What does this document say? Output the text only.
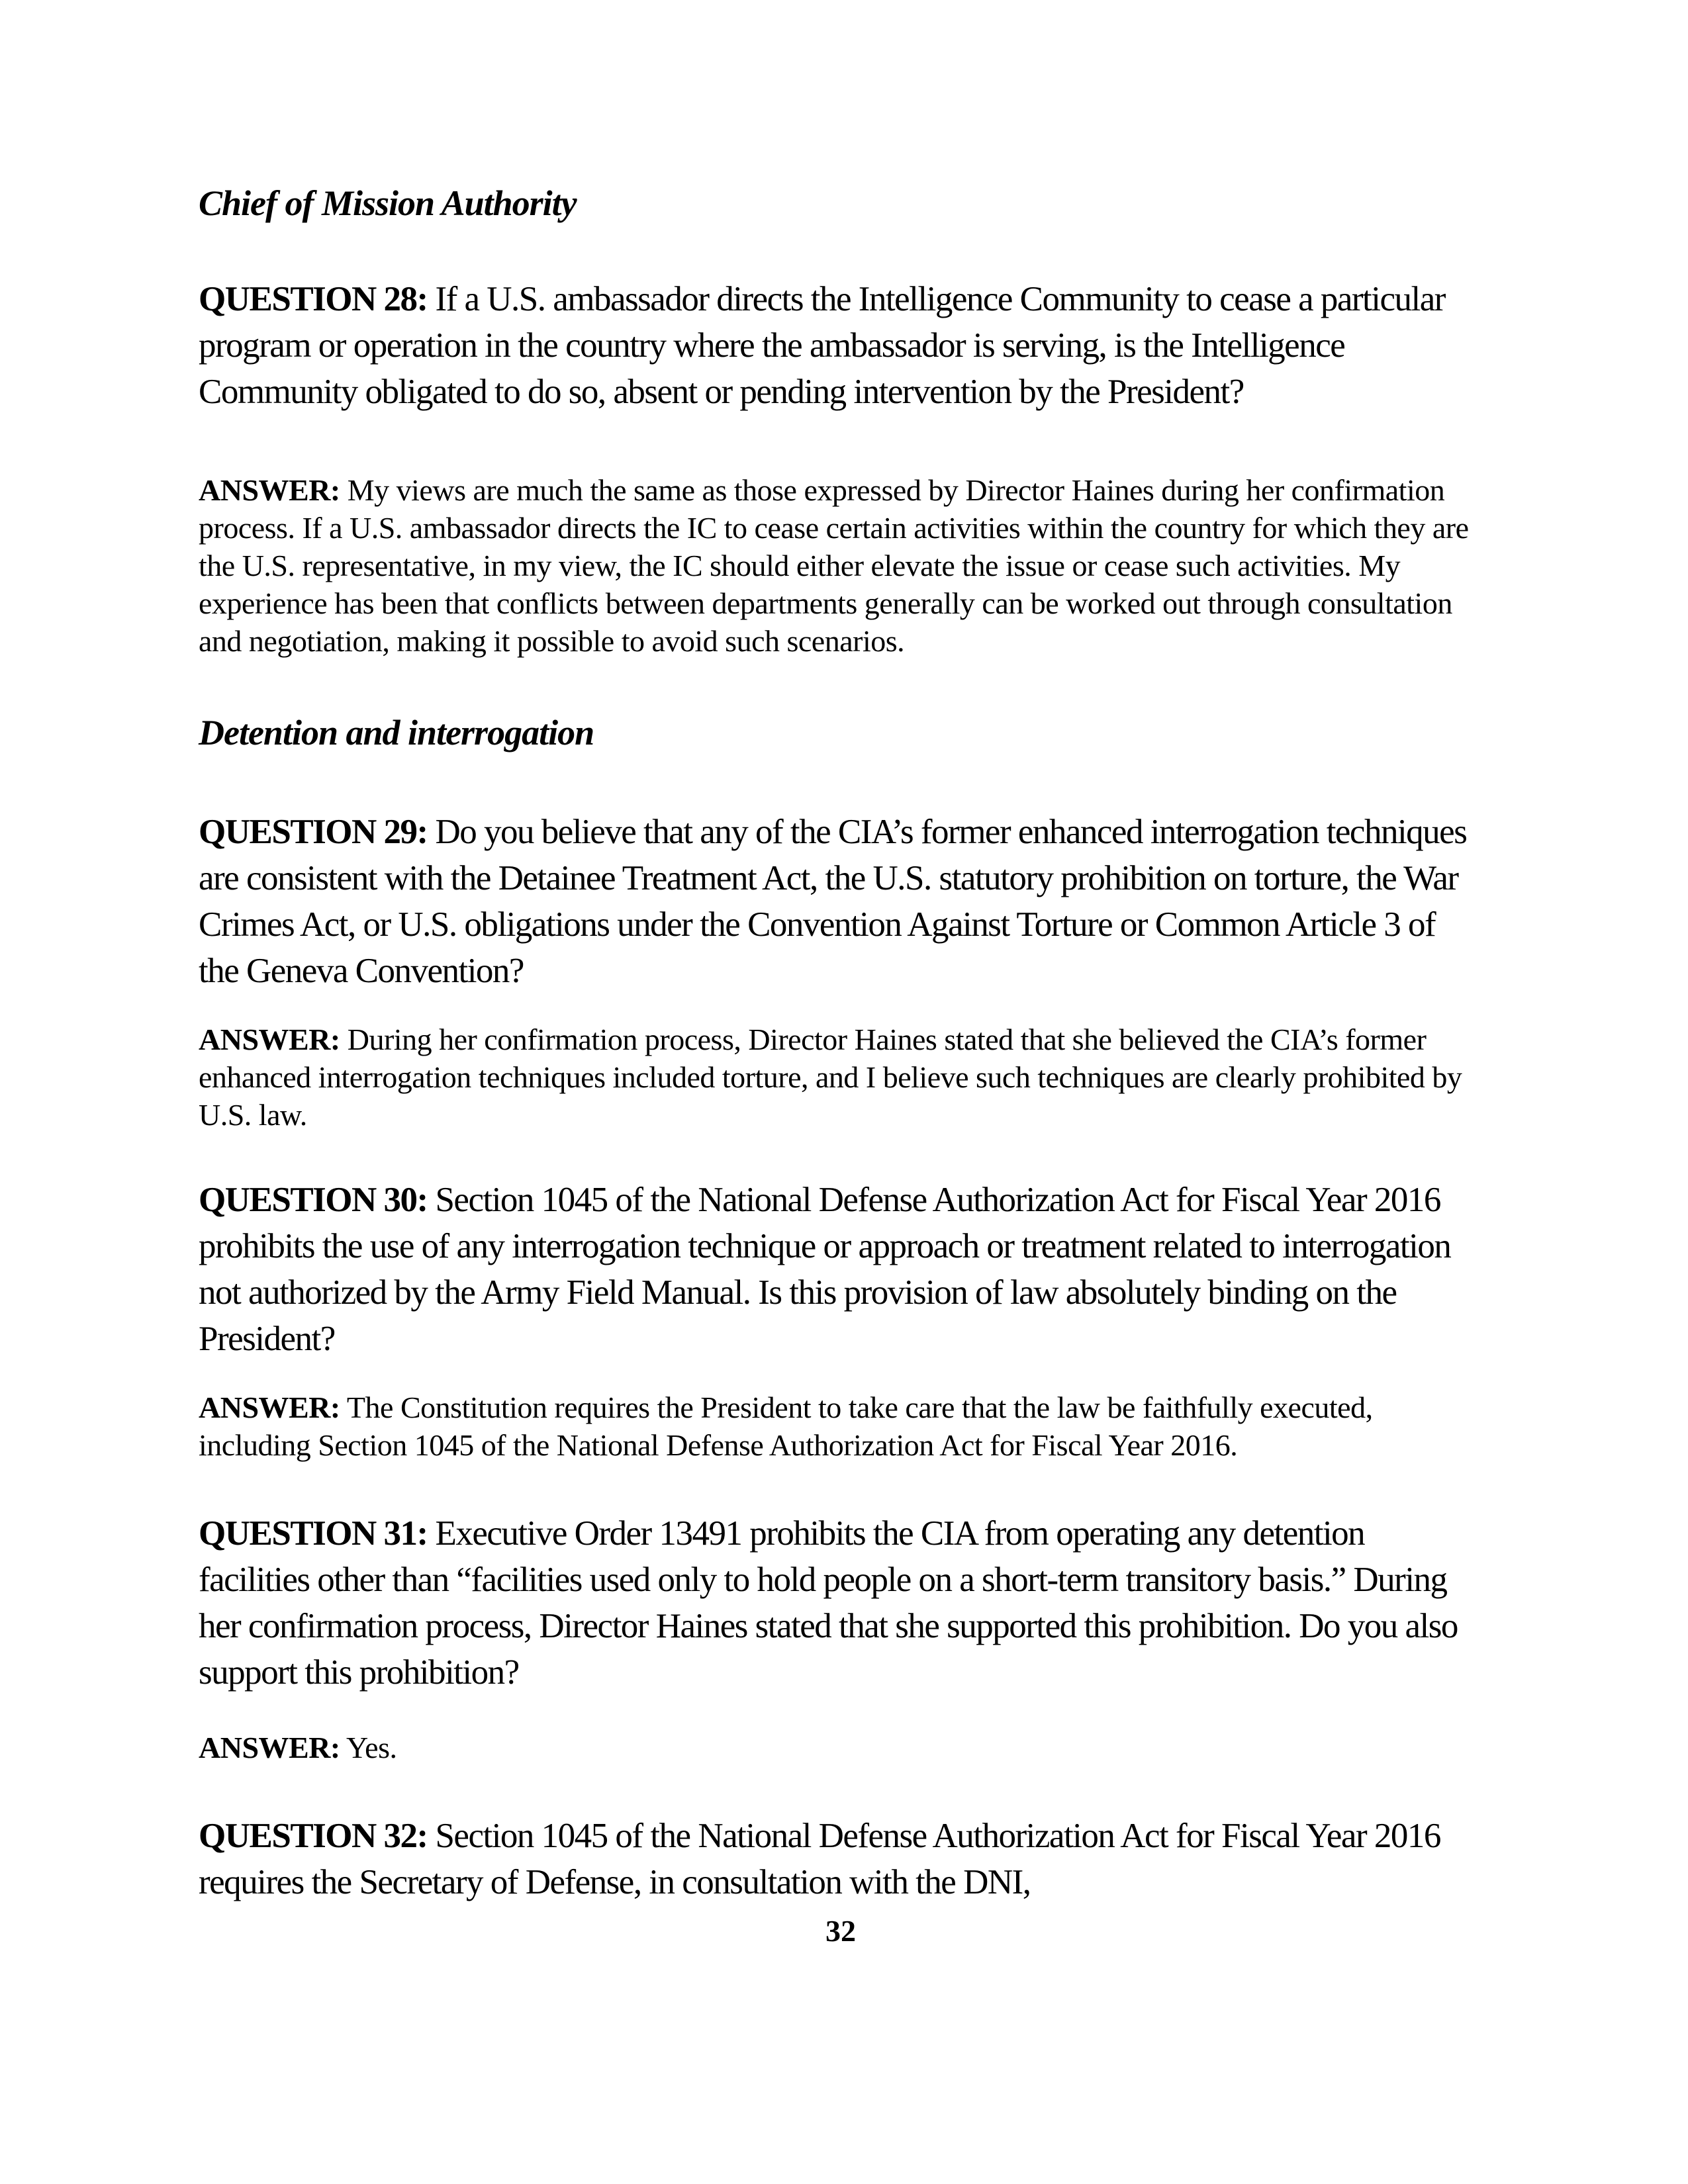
Chief of Mission Authority

QUESTION 28: If a U.S. ambassador directs the Intelligence Community to cease a particular program or operation in the country where the ambassador is serving, is the Intelligence Community obligated to do so, absent or pending intervention by the President?

ANSWER: My views are much the same as those expressed by Director Haines during her confirmation process. If a U.S. ambassador directs the IC to cease certain activities within the country for which they are the U.S. representative, in my view, the IC should either elevate the issue or cease such activities. My experience has been that conflicts between departments generally can be worked out through consultation and negotiation, making it possible to avoid such scenarios.

Detention and interrogation

QUESTION 29: Do you believe that any of the CIA’s former enhanced interrogation techniques are consistent with the Detainee Treatment Act, the U.S. statutory prohibition on torture, the War Crimes Act, or U.S. obligations under the Convention Against Torture or Common Article 3 of the Geneva Convention?

ANSWER: During her confirmation process, Director Haines stated that she believed the CIA’s former enhanced interrogation techniques included torture, and I believe such techniques are clearly prohibited by U.S. law.

QUESTION 30: Section 1045 of the National Defense Authorization Act for Fiscal Year 2016 prohibits the use of any interrogation technique or approach or treatment related to interrogation not authorized by the Army Field Manual. Is this provision of law absolutely binding on the President?

ANSWER: The Constitution requires the President to take care that the law be faithfully executed, including Section 1045 of the National Defense Authorization Act for Fiscal Year 2016.

QUESTION 31: Executive Order 13491 prohibits the CIA from operating any detention facilities other than “facilities used only to hold people on a short-term transitory basis.” During her confirmation process, Director Haines stated that she supported this prohibition. Do you also support this prohibition?

ANSWER: Yes.

QUESTION 32: Section 1045 of the National Defense Authorization Act for Fiscal Year 2016 requires the Secretary of Defense, in consultation with the DNI,

32
